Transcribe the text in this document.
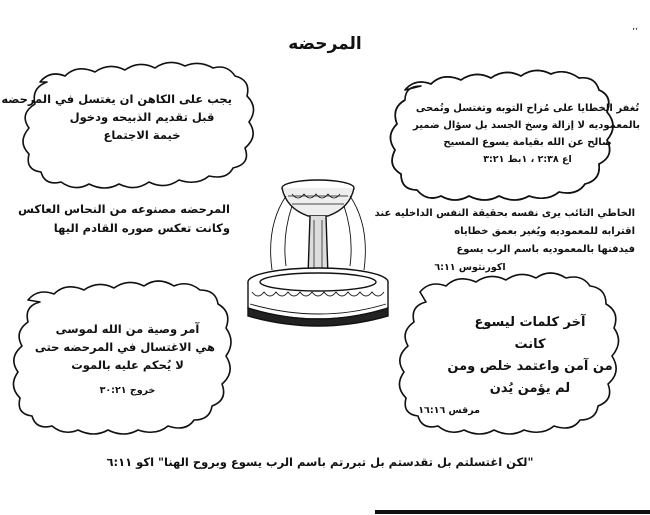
المرحضه
‚‚
يجب على الكاهن ان يغتسل في المرحضه
قبل تقديم الذبيحه ودخول
خيمة الاجتماع
تُغفر الخطايا على مُزاح التوبه وتغتسل وتُمحى
بالمعموديه لا إزالة وسخ الجسد بل سؤال ضمير
صالح عن الله بقيامة يسوع المسيح
اع ٢:٣٨ ، ١بط ٣:٢١
المرحضه مصنوعه من النحاس العاكس
وكانت تعكس صوره القادم اليها
الخاطي التائب يرى نفسه بحقيقة النفس الداخليه عند
اقترابه للمعموديه ويُغير بعمق خطاياه
فيدفنها بالمعموديه باسم الرب يسوع
اكورنثوس ٦:١١
آمر وصية من الله لموسى
هي الاغتسال في المرحضه حتى
لا يُحكم عليه بالموت
خروج ٣٠:٢١
آخر كلمات ليسوع
كانت
من آمن واعتمد خلص ومن
لم يؤمن يُدن
مرقس ١٦:١٦
"لكن اغتسلتم بل تقدستم بل تبررتم باسم الرب يسوع وبروح الهنا" اكو ٦:١١
